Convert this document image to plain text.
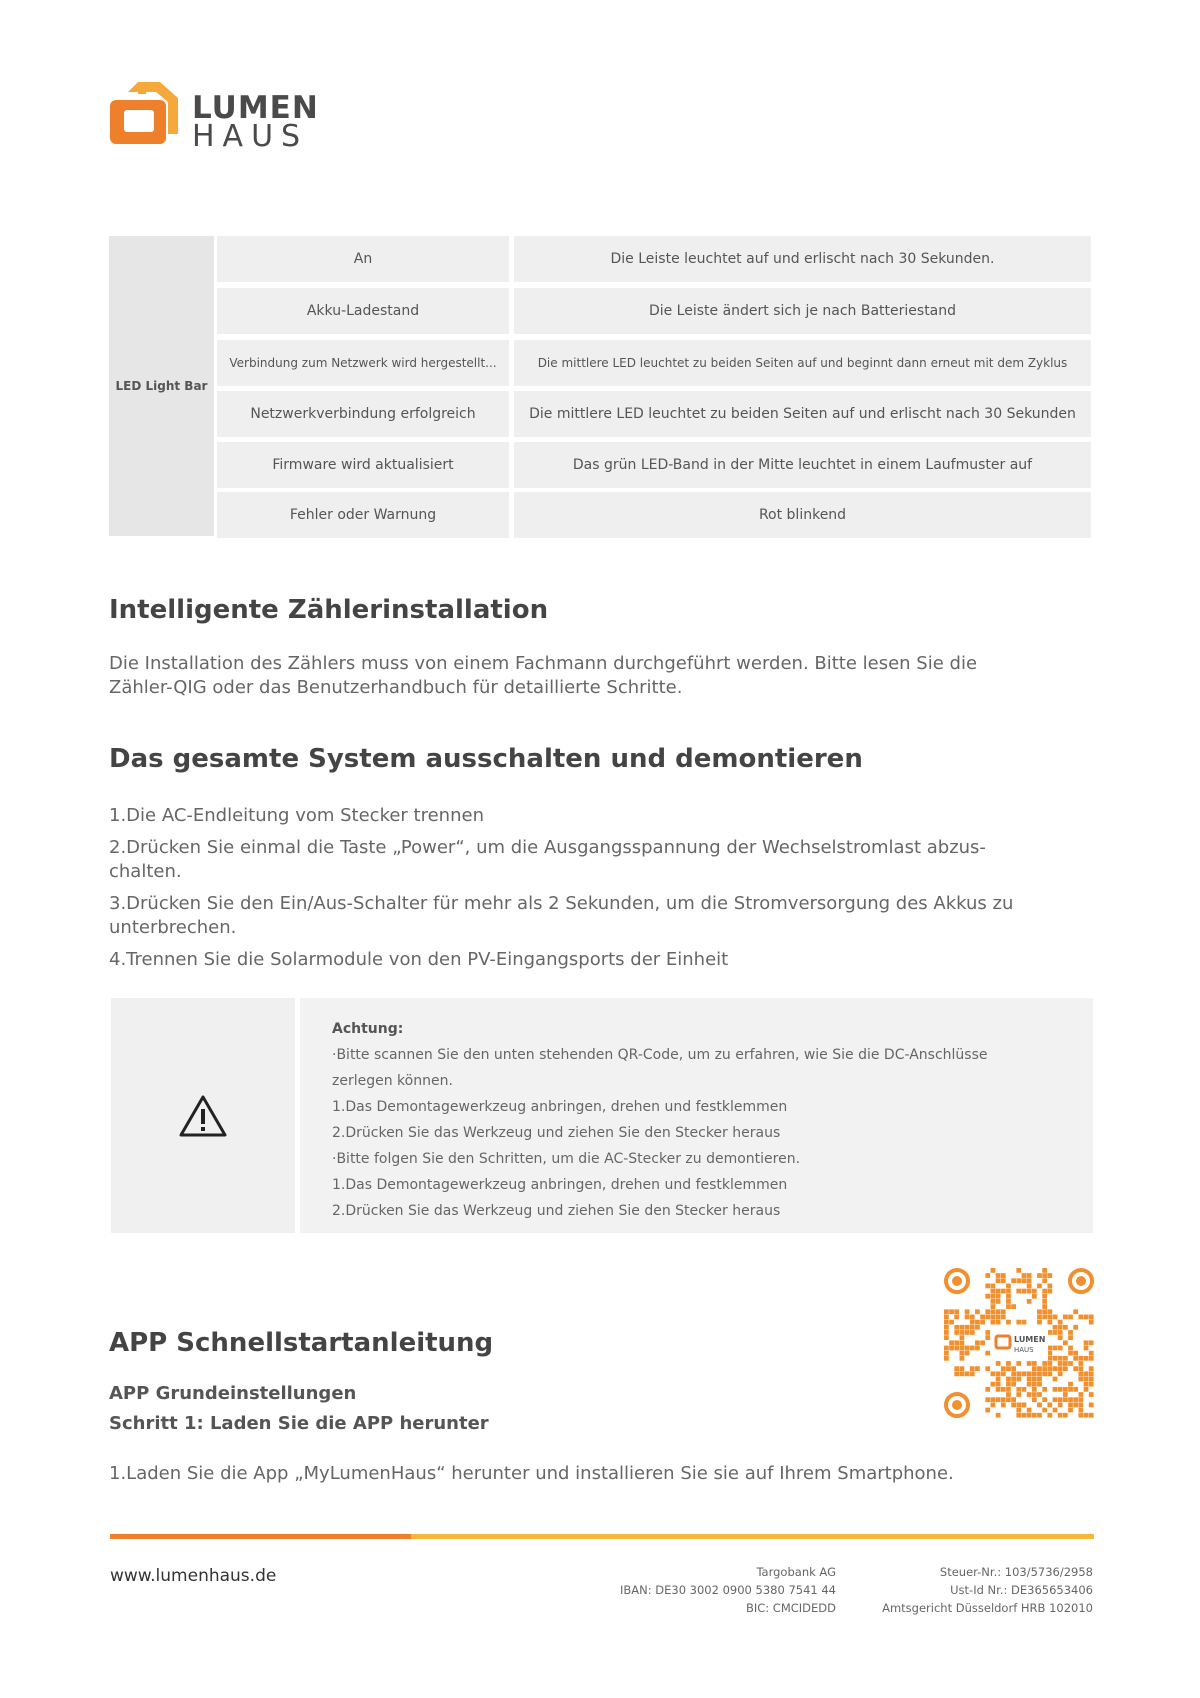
LUMEN
HAUS
LED Light Bar
An	Die Leiste leuchtet auf und erlischt nach 30 Sekunden.
Akku-Ladestand	Die Leiste ändert sich je nach Batteriestand
Verbindung zum Netzwerk wird hergestellt...	Die mittlere LED leuchtet zu beiden Seiten auf und beginnt dann erneut mit dem Zyklus
Netzwerkverbindung erfolgreich	Die mittlere LED leuchtet zu beiden Seiten auf und erlischt nach 30 Sekunden
Firmware wird aktualisiert	Das grün LED-Band in der Mitte leuchtet in einem Laufmuster auf
Fehler oder Warnung	Rot blinkend
Intelligente Zählerinstallation

Die Installation des Zählers muss von einem Fachmann durchgeführt werden. Bitte lesen Sie die

Zähler-QIG oder das Benutzerhandbuch für detaillierte Schritte.

Das gesamte System ausschalten und demontieren

1.Die AC-Endleitung vom Stecker trennen

2.Drücken Sie einmal die Taste „Power“, um die Ausgangsspannung der Wechselstromlast abzus-

chalten.

3.Drücken Sie den Ein/Aus-Schalter für mehr als 2 Sekunden, um die Stromversorgung des Akkus zu

unterbrechen.

4.Trennen Sie die Solarmodule von den PV-Eingangsports der Einheit

Achtung:
·Bitte scannen Sie den unten stehenden QR-Code, um zu erfahren, wie Sie die DC-Anschlüsse
zerlegen können.
1.Das Demontagewerkzeug anbringen, drehen und festklemmen
2.Drücken Sie das Werkzeug und ziehen Sie den Stecker heraus
·Bitte folgen Sie den Schritten, um die AC-Stecker zu demontieren.
1.Das Demontagewerkzeug anbringen, drehen und festklemmen
2.Drücken Sie das Werkzeug und ziehen Sie den Stecker heraus
LUMEN
HAUS
APP Schnellstartanleitung
APP Grundeinstellungen
Schritt 1: Laden Sie die APP herunter

1.Laden Sie die App „MyLumenHaus“ herunter und installieren Sie sie auf Ihrem Smartphone.

www.lumenhaus.de	Targobank AG
IBAN: DE30 3002 0900 5380 7541 44
BIC: CMCIDEDD
Steuer-Nr.: 103/5736/2958
Ust-Id Nr.: DE365653406
Amtsgericht Düsseldorf HRB 102010
